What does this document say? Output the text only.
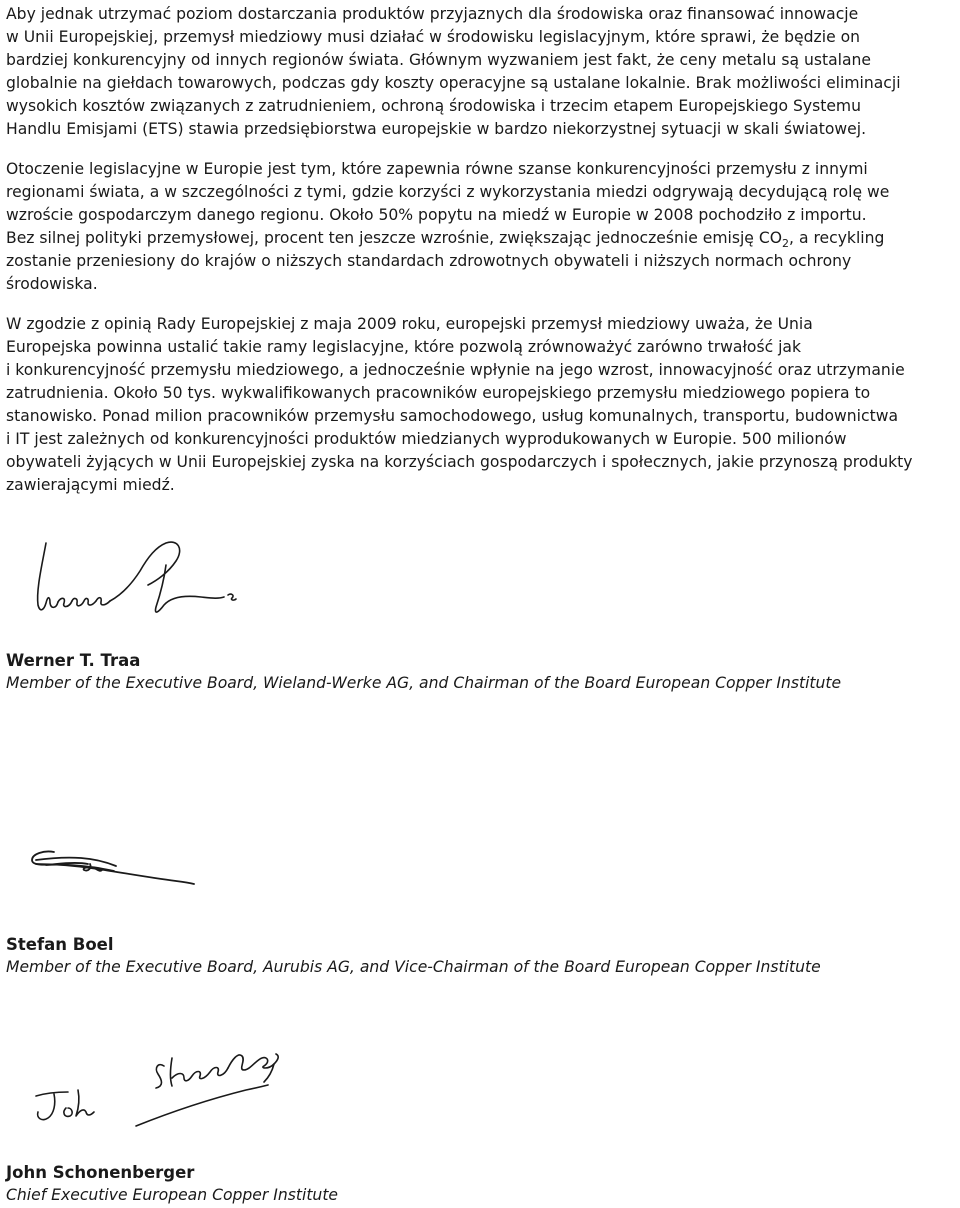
Aby jednak utrzymać poziom dostarczania produktów przyjaznych dla środowiska oraz finansować innowacje

w Unii Europejskiej, przemysł miedziowy musi działać w środowisku legislacyjnym, które sprawi, że będzie on

bardziej konkurencyjny od innych regionów świata. Głównym wyzwaniem jest fakt, że ceny metalu są ustalane

globalnie na giełdach towarowych, podczas gdy koszty operacyjne są ustalane lokalnie. Brak możliwości eliminacji

wysokich kosztów związanych z zatrudnieniem, ochroną środowiska i trzecim etapem Europejskiego Systemu

Handlu Emisjami (ETS) stawia przedsiębiorstwa europejskie w bardzo niekorzystnej sytuacji w skali światowej.

Otoczenie legislacyjne w Europie jest tym, które zapewnia równe szanse konkurencyjności przemysłu z innymi

regionami świata, a w szczególności z tymi, gdzie korzyści z wykorzystania miedzi odgrywają decydującą rolę we

wzroście gospodarczym danego regionu. Około 50% popytu na miedź w Europie w 2008 pochodziło z importu.

Bez silnej polityki przemysłowej, procent ten jeszcze wzrośnie, zwiększając jednocześnie emisję $CO_2$, a recykling

zostanie przeniesiony do krajów o niższych standardach zdrowotnych obywateli i niższych normach ochrony

środowiska.

W zgodzie z opinią Rady Europejskiej z maja 2009 roku, europejski przemysł miedziowy uważa, że Unia

Europejska powinna ustalić takie ramy legislacyjne, które pozwolą zrównoważyć zarówno trwałość jak

i konkurencyjność przemysłu miedziowego, a jednocześnie wpłynie na jego wzrost, innowacyjność oraz utrzymanie

zatrudnienia. Około 50 tys. wykwalifikowanych pracowników europejskiego przemysłu miedziowego popiera to

stanowisko. Ponad milion pracowników przemysłu samochodowego, usług komunalnych, transportu, budownictwa

i IT jest zależnych od konkurencyjności produktów miedzianych wyprodukowanych w Europie. 500 milionów

obywateli żyjących w Unii Europejskiej zyska na korzyściach gospodarczych i społecznych, jakie przynoszą produkty

zawierającymi miedź.

Werner T. Traa

Member of the Executive Board, Wieland-Werke AG, and Chairman of the Board European Copper Institute

Stefan Boel

Member of the Executive Board, Aurubis AG, and Vice-Chairman of the Board European Copper Institute

John Schonenberger

Chief Executive European Copper Institute
